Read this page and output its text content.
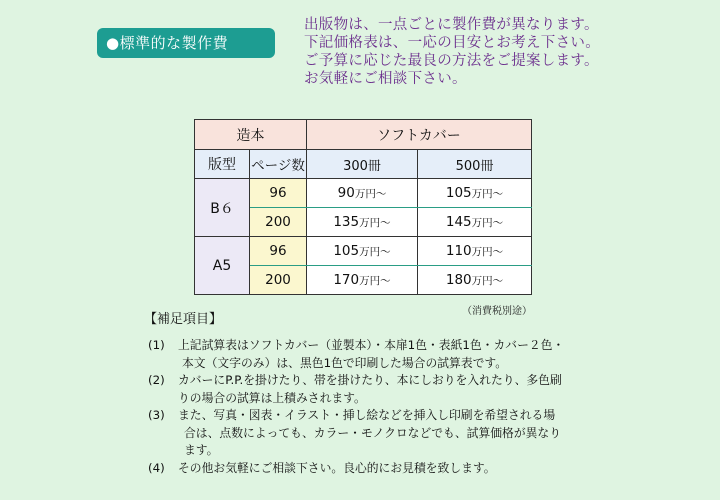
●標準的な製作費
出版物は、一点ごとに製作費が異なります。
下記価格表は、一応の目安とお考え下さい。
ご予算に応じた最良の方法をご提案します。
お気軽にご相談下さい。
造本		ソフトカバー	
版型	ページ数	300冊	500冊
B６	96	90万円～	105万円～
	200	135万円～	145万円～
A5	96	105万円～	110万円～
	200	170万円～	180万円～
（消費税別途）
【補足項目】
(1) 上記試算表はソフトカバー（並製本）・本扉1色・表紙1色・カバー２色・
本文（文字のみ）は、黒色1色で印刷した場合の試算表です。
(2) カバーにP.P.を掛けたり、帯を掛けたり、本にしおりを入れたり、多色刷
りの場合の試算は上積みされます。
(3) また、写真・図表・イラスト・挿し絵などを挿入し印刷を希望される場
合は、点数によっても、カラー・モノクロなどでも、試算価格が異なり
ます。
(4) その他お気軽にご相談下さい。良心的にお見積を致します。
